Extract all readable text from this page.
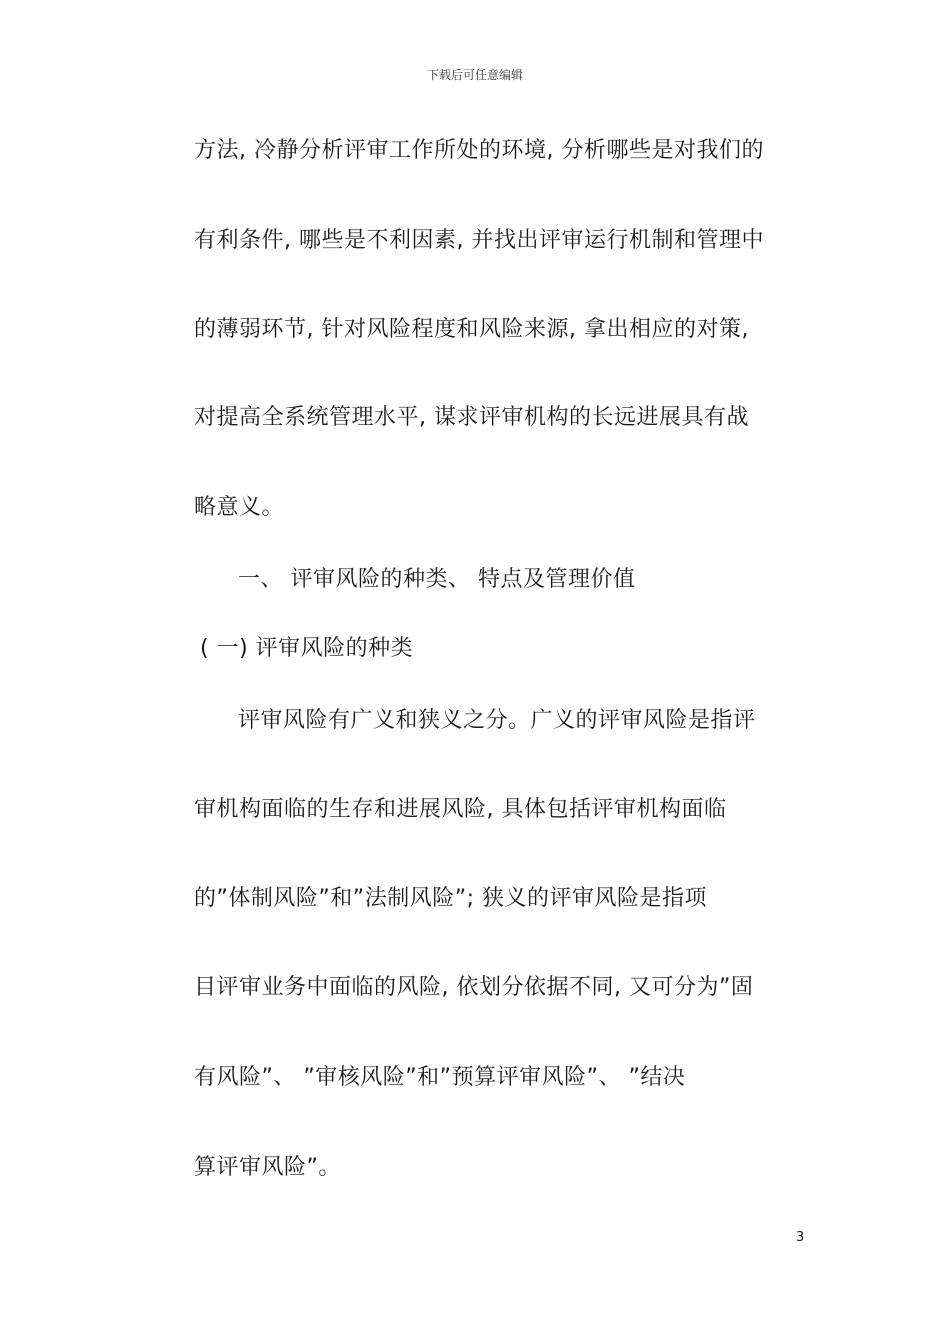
下载后可任意编辑
方法, 冷静分析评审工作所处的环境, 分析哪些是对我们的
有利条件, 哪些是不利因素, 并找出评审运行机制和管理中
的薄弱环节, 针对风险程度和风险来源, 拿出相应的对策,
对提高全系统管理水平, 谋求评审机构的长远进展具有战
略意义。
一、 评审风险的种类、 特点及管理价值
( 一) 评审风险的种类
评审风险有广义和狭义之分。广义的评审风险是指评
审机构面临的生存和进展风险, 具体包括评审机构面临
的”体制风险”和”法制风险”; 狭义的评审风险是指项
目评审业务中面临的风险, 依划分依据不同, 又可分为”固
有风险”、 ”审核风险”和”预算评审风险”、 ”结决
算评审风险”。
3
